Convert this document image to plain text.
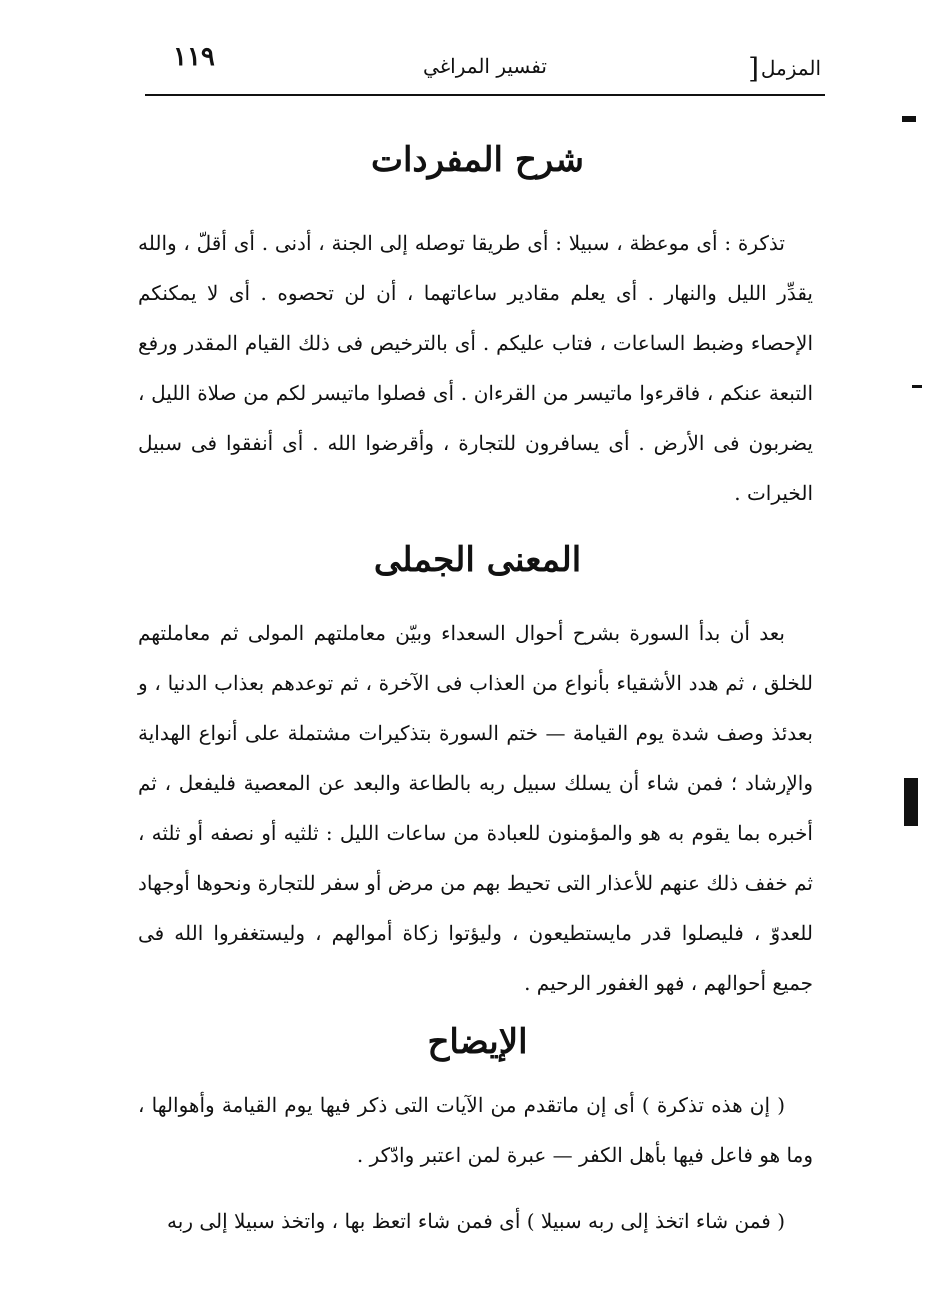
١١٩	تفسير المراغي	] المزمل
شرح المفردات

تذكرة : أى موعظة ، سبيلا : أى طريقا توصله إلى الجنة ، أدنى . أى أقلّ ، والله يقدِّر الليل والنهار . أى يعلم مقادير ساعاتهما ، أن لن تحصوه . أى لا يمكنكم الإحصاء وضبط الساعات ، فتاب عليكم . أى بالترخيص فى ذلك القيام المقدر ورفع التبعة عنكم ، فاقرءوا ماتيسر من القرءان . أى فصلوا ماتيسر لكم من صلاة الليل ، يضربون فى الأرض . أى يسافرون للتجارة ، وأقرضوا الله . أى أنفقوا فى سبيل الخيرات .

المعنى الجملى

بعد أن بدأ السورة بشرح أحوال السعداء وبيّن معاملتهم المولى ثم معاملتهم للخلق ، ثم هدد الأشقياء بأنواع من العذاب فى الآخرة ، ثم توعدهم بعذاب الدنيا ، و بعدئذ وصف شدة يوم القيامة — ختم السورة بتذكيرات مشتملة على أنواع الهداية والإرشاد ؛ فمن شاء أن يسلك سبيل ربه بالطاعة والبعد عن المعصية فليفعل ، ثم أخبره بما يقوم به هو والمؤمنون للعبادة من ساعات الليل : ثلثيه أو نصفه أو ثلثه ، ثم خفف ذلك عنهم للأعذار التى تحيط بهم من مرض أو سفر للتجارة ونحوها أوجهاد للعدوّ ، فليصلوا قدر مايستطيعون ، وليؤتوا زكاة أموالهم ، وليستغفروا الله فى جميع أحوالهم ، فهو الغفور الرحيم .

الإيضاح

( إن هذه تذكرة ) أى إن ماتقدم من الآيات التى ذكر فيها يوم القيامة وأهوالها ، وما هو فاعل فيها بأهل الكفر — عبرة لمن اعتبر وادّكر .

( فمن شاء اتخذ إلى ربه سبيلا ) أى فمن شاء اتعظ بها ، واتخذ سبيلا إلى ربه
